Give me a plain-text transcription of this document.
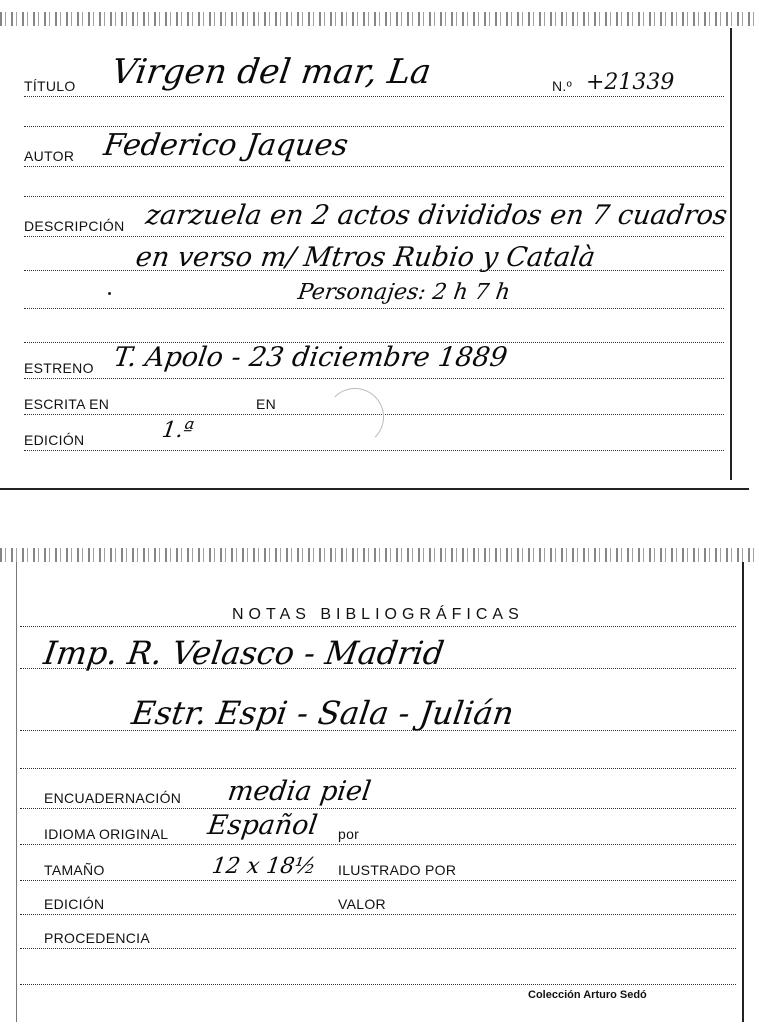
TÍTULO Virgen del mar, La	N.º +21339
AUTOR Federico Jaques
DESCRIPCIÓN zarzuela en 2 actos divididos en 7 cuadros
en verso m/ Mtros Rubio y Català
Personajes: 2 h 7 h
ESTRENO T. Apolo - 23 diciembre 1889
ESCRITA EN	EN
EDICIÓN	1.ª
NOTAS BIBLIOGRÁFICAS
Imp. R. Velasco - Madrid
Estr. Espi - Sala - Julián
ENCUADERNACIÓN media piel
IDIOMA ORIGINAL Español por
TAMAÑO	12 x 18½ ILUSTRADO POR
EDICIÓN	VALOR
PROCEDENCIA
Colección Arturo Sedó
